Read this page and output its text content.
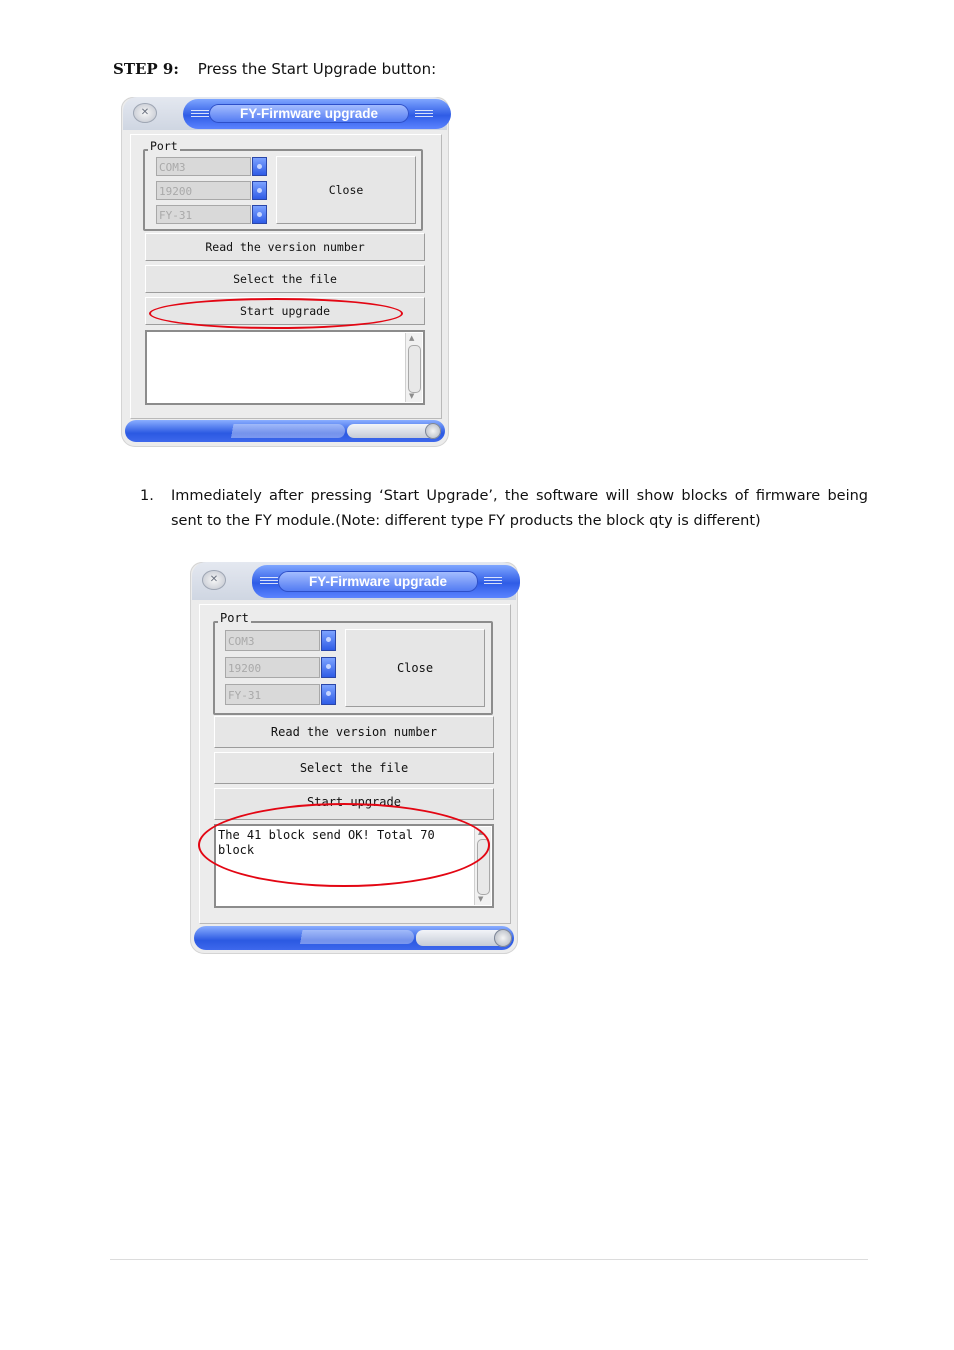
STEP 9: Press the Start Upgrade button:
✕	FY-Firmware upgrade
Port
COM3
19200
FY-31
Close
Read the version number
Select the file
Start upgrade
▲
▼
1. Immediately after pressing ‘Start Upgrade’, the software will show blocks of firmware being sent to the FY module.(Note: different type FY products the block qty is different)
✕	FY-Firmware upgrade
Port
COM3
19200
FY-31
Close
Read the version number
Select the file
Start upgrade
The 41 block send OK! Total 70 block
▲
▼
